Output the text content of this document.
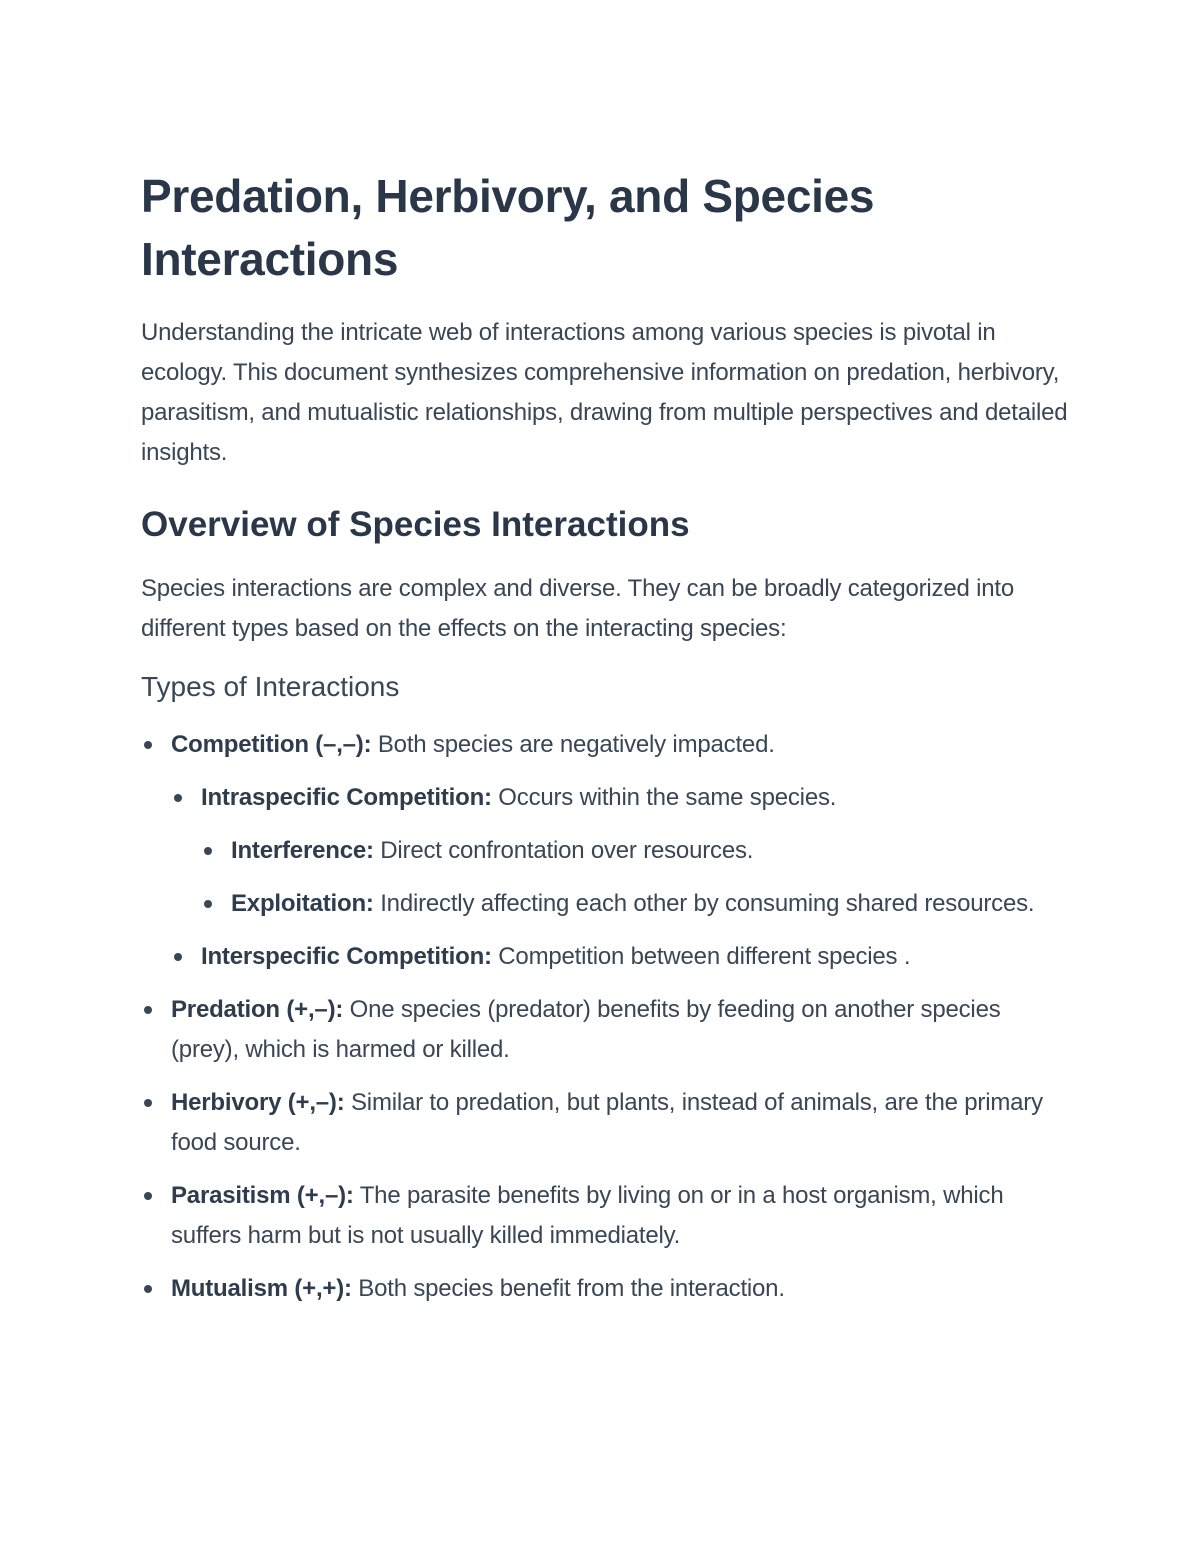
Predation, Herbivory, and Species Interactions

Understanding the intricate web of interactions among various species is pivotal in ecology. This document synthesizes comprehensive information on predation, herbivory, parasitism, and mutualistic relationships, drawing from multiple perspectives and detailed insights.

Overview of Species Interactions

Species interactions are complex and diverse. They can be broadly categorized into different types based on the effects on the interacting species:

Types of Interactions
Competition (–,–): Both species are negatively impacted.
Intraspecific Competition: Occurs within the same species.
Interference: Direct confrontation over resources.
Exploitation: Indirectly affecting each other by consuming shared resources.
Interspecific Competition: Competition between different species .
Predation (+,–): One species (predator) benefits by feeding on another species (prey), which is harmed or killed.
Herbivory (+,–): Similar to predation, but plants, instead of animals, are the primary food source.
Parasitism (+,–): The parasite benefits by living on or in a host organism, which suffers harm but is not usually killed immediately.
Mutualism (+,+): Both species benefit from the interaction.
